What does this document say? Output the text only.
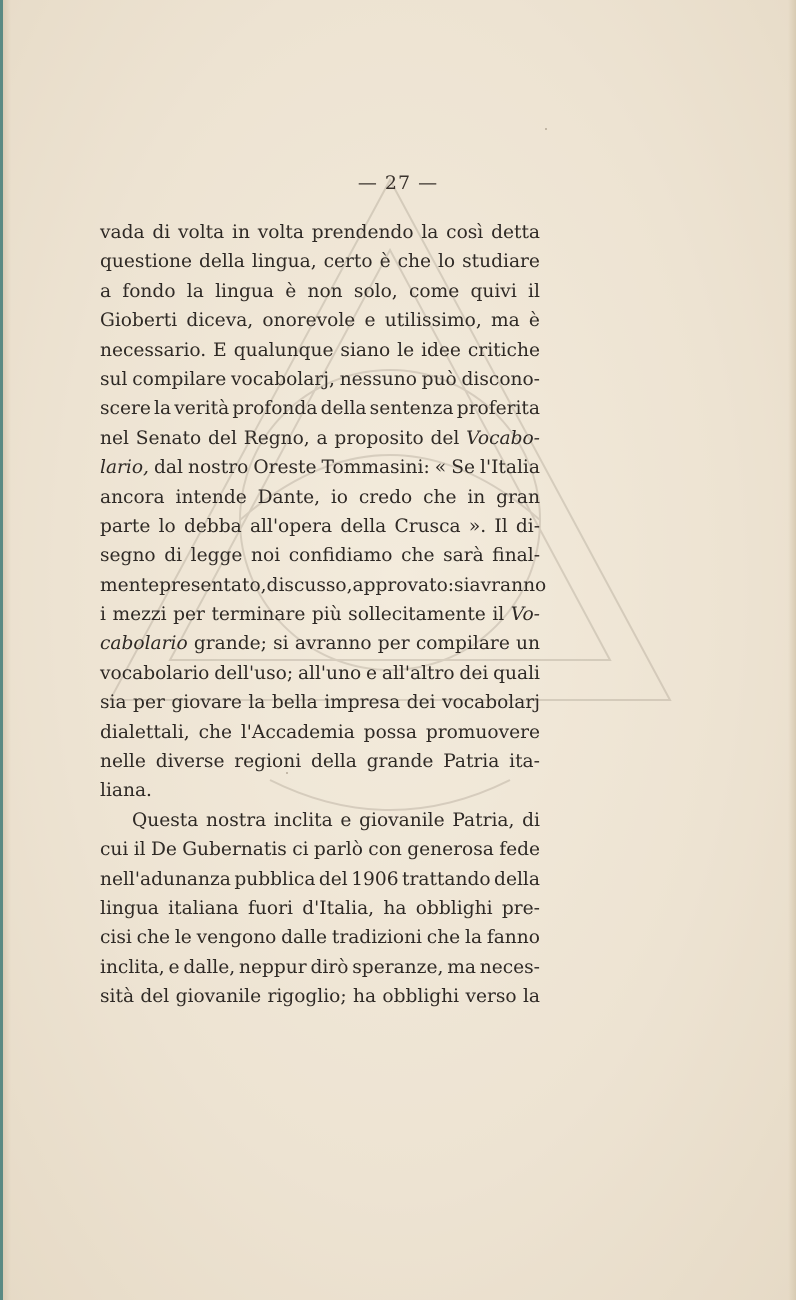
— 27 —
vada di volta in volta prendendo la così detta
questione della lingua, certo è che lo studiare
a fondo la lingua è non solo, come quivi il
Gioberti diceva, onorevole e utilissimo, ma è
necessario. E qualunque siano le idee critiche
sul compilare vocabolarj, nessuno può discono-
scere la verità profonda della sentenza proferita
nel Senato del Regno, a proposito del Vocabo-
lario, dal nostro Oreste Tommasini: « Se l'Italia
ancora intende Dante, io credo che in gran
parte lo debba all'opera della Crusca ». Il di-
segno di legge noi confidiamo che sarà final-
mente presentato, discusso, approvato: si avranno
i mezzi per terminare più sollecitamente il Vo-
cabolario grande; si avranno per compilare un
vocabolario dell'uso; all'uno e all'altro dei quali
sia per giovare la bella impresa dei vocabolarj
dialettali, che l'Accademia possa promuovere
nelle diverse regioni della grande Patria ita-
liana.
Questa nostra inclita e giovanile Patria, di
cui il De Gubernatis ci parlò con generosa fede
nell'adunanza pubblica del 1906 trattando della
lingua italiana fuori d'Italia, ha obblighi pre-
cisi che le vengono dalle tradizioni che la fanno
inclita, e dalle, neppur dirò speranze, ma neces-
sità del giovanile rigoglio; ha obblighi verso la
